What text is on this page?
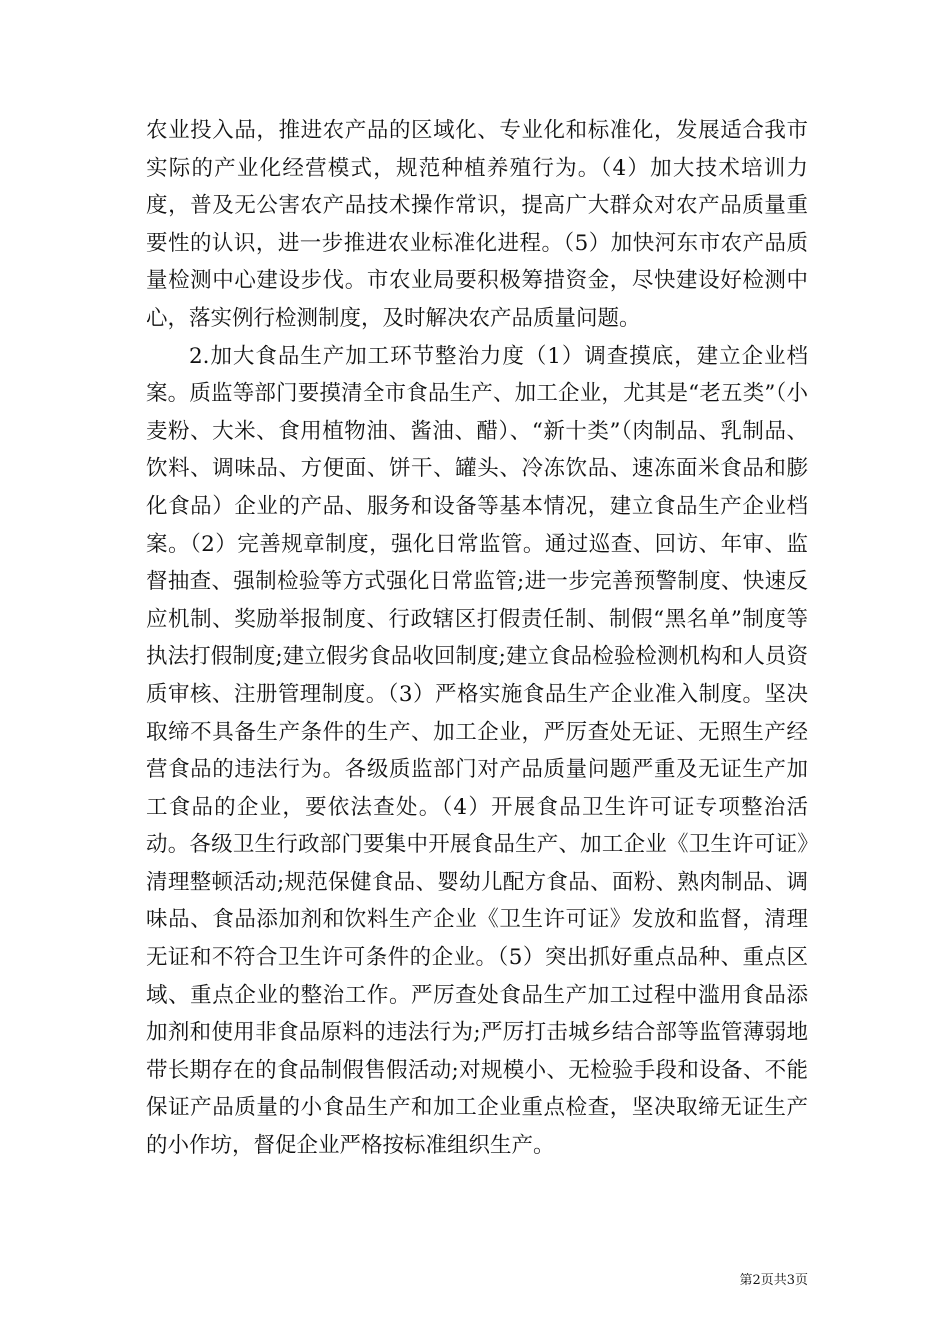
农业投入品，推进农产品的区域化、专业化和标准化，发展适合我市实际的产业化经营模式，规范种植养殖行为。（4）加大技术培训力度，普及无公害农产品技术操作常识，提高广大群众对农产品质量重要性的认识，进一步推进农业标准化进程。（5）加快河东市农产品质量检测中心建设步伐。市农业局要积极筹措资金，尽快建设好检测中心，落实例行检测制度，及时解决农产品质量问题。

2.加大食品生产加工环节整治力度（1）调查摸底，建立企业档案。质监等部门要摸清全市食品生产、加工企业，尤其是“老五类”（小麦粉、大米、食用植物油、酱油、醋）、“新十类”（肉制品、乳制品、饮料、调味品、方便面、饼干、罐头、冷冻饮品、速冻面米食品和膨化食品）企业的产品、服务和设备等基本情况，建立食品生产企业档案。（2）完善规章制度，强化日常监管。通过巡查、回访、年审、监督抽查、强制检验等方式强化日常监管;进一步完善预警制度、快速反应机制、奖励举报制度、行政辖区打假责任制、制假“黑名单”制度等执法打假制度;建立假劣食品收回制度;建立食品检验检测机构和人员资质审核、注册管理制度。（3）严格实施食品生产企业准入制度。坚决取缔不具备生产条件的生产、加工企业，严厉查处无证、无照生产经营食品的违法行为。各级质监部门对产品质量问题严重及无证生产加工食品的企业，要依法查处。（4）开展食品卫生许可证专项整治活动。各级卫生行政部门要集中开展食品生产、加工企业《卫生许可证》清理整顿活动;规范保健食品、婴幼儿配方食品、面粉、熟肉制品、调味品、食品添加剂和饮料生产企业《卫生许可证》发放和监督，清理无证和不符合卫生许可条件的企业。（5）突出抓好重点品种、重点区域、重点企业的整治工作。严厉查处食品生产加工过程中滥用食品添加剂和使用非食品原料的违法行为;严厉打击城乡结合部等监管薄弱地带长期存在的食品制假售假活动;对规模小、无检验手段和设备、不能保证产品质量的小食品生产和加工企业重点检查，坚决取缔无证生产的小作坊，督促企业严格按标准组织生产。

第2页共3页
